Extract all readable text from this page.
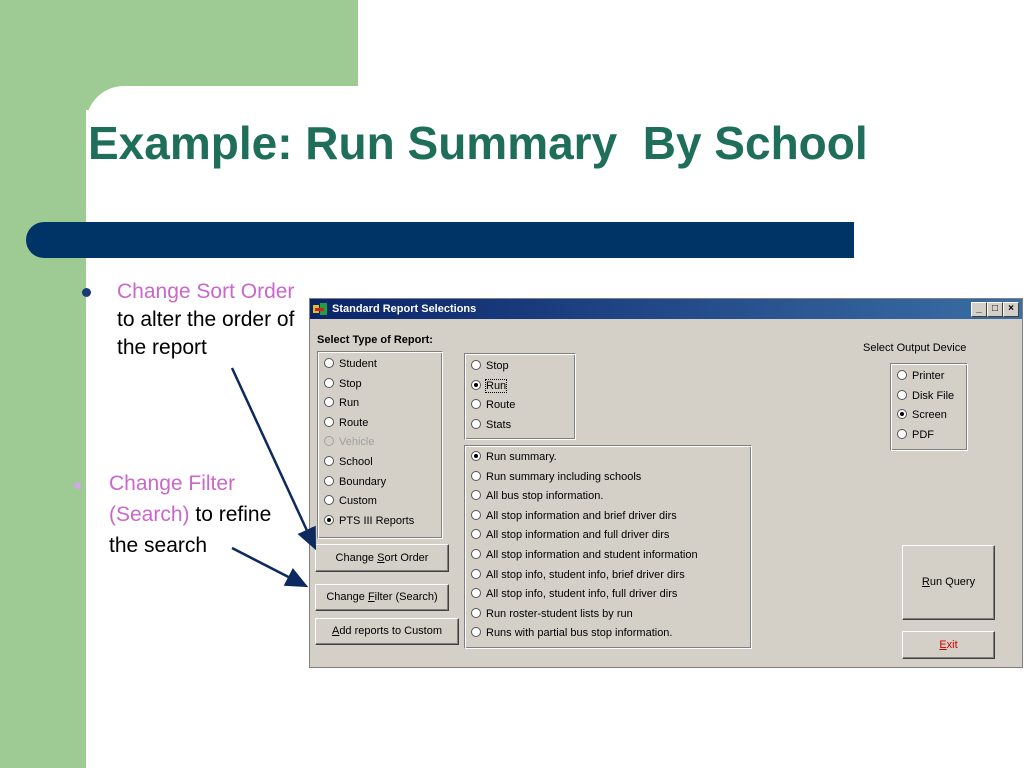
Example: Run Summary  By School
Change Sort Order to alter the order of the report
Change Filter (Search) to refine the search
Standard Report Selections	_	□	×
Select Type of Report:
Student
Stop
Run
Route
Vehicle
School
Boundary
Custom
PTS III Reports
Stop
Run
Route
Stats
Run summary.
Run summary including schools
All bus stop information.
All stop information and brief driver dirs
All stop information and full driver dirs
All stop information and student information
All stop info, student info, brief driver dirs
All stop info, student info, full driver dirs
Run roster-student lists by run
Runs with partial bus stop information.
Select Output Device
Printer
Disk File
Screen
PDF
Change Sort Order
Change Filter (Search)
Add reports to Custom
Run Query
Exit
